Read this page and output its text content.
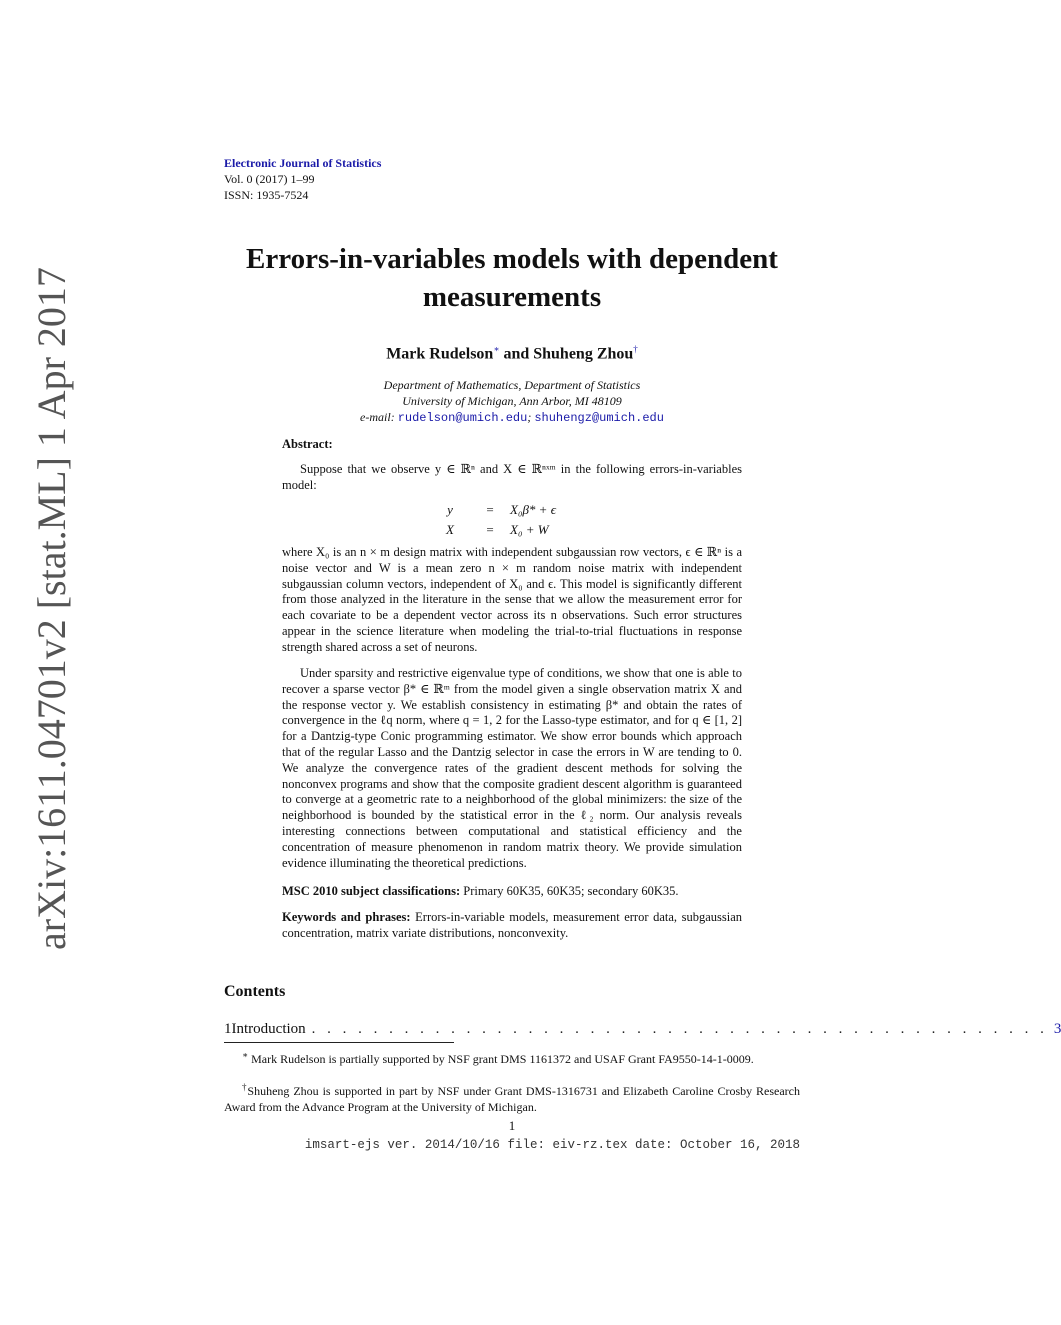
arXiv:1611.04701v2 [stat.ML] 1 Apr 2017
Electronic Journal of Statistics
Vol. 0 (2017) 1–99
ISSN: 1935-7524
Errors-in-variables models with dependent measurements
Mark Rudelson∗ and Shuheng Zhou†
Department of Mathematics, Department of Statistics
University of Michigan, Ann Arbor, MI 48109
e-mail: rudelson@umich.edu; shuhengz@umich.edu
Abstract:
Suppose that we observe y ∈ ℝⁿ and X ∈ ℝⁿˣᵐ in the following errors-in-variables model:
y	= X₀β* + ϵ
X = X₀ + W
where X₀ is an n × m design matrix with independent subgaussian row vectors, ϵ ∈ ℝⁿ is a noise vector and W is a mean zero n × m random noise matrix with independent subgaussian column vectors, independent of X₀ and ϵ. This model is significantly different from those analyzed in the literature in the sense that we allow the measurement error for each covariate to be a dependent vector across its n observations. Such error structures appear in the science literature when modeling the trial-to-trial fluctuations in response strength shared across a set of neurons.
Under sparsity and restrictive eigenvalue type of conditions, we show that one is able to recover a sparse vector β* ∈ ℝᵐ from the model given a single observation matrix X and the response vector y. We establish consistency in estimating β* and obtain the rates of convergence in the ℓq norm, where q = 1, 2 for the Lasso-type estimator, and for q ∈ [1, 2] for a Dantzig-type Conic programming estimator. We show error bounds which approach that of the regular Lasso and the Dantzig selector in case the errors in W are tending to 0. We analyze the convergence rates of the gradient descent methods for solving the nonconvex programs and show that the composite gradient descent algorithm is guaranteed to converge at a geometric rate to a neighborhood of the global minimizers: the size of the neighborhood is bounded by the statistical error in the ℓ₂ norm. Our analysis reveals interesting connections between computational and statistical efficiency and the concentration of measure phenomenon in random matrix theory. We provide simulation evidence illuminating the theoretical predictions.
MSC 2010 subject classifications: Primary 60K35, 60K35; secondary 60K35.
Keywords and phrases: Errors-in-variable models, measurement error data, subgaussian concentration, matrix variate distributions, nonconvexity.
Contents
1 Introduction . . . . . . . . . . . . . . . . . . . . . . . . . . . . . . . . . . . . . . . . . . . . . . . . 3
∗ Mark Rudelson is partially supported by NSF grant DMS 1161372 and USAF Grant FA9550-14-1-0009.
†Shuheng Zhou is supported in part by NSF under Grant DMS-1316731 and Elizabeth Caroline Crosby Research Award from the Advance Program at the University of Michigan.
1
imsart-ejs ver. 2014/10/16 file: eiv-rz.tex date: October 16, 2018
